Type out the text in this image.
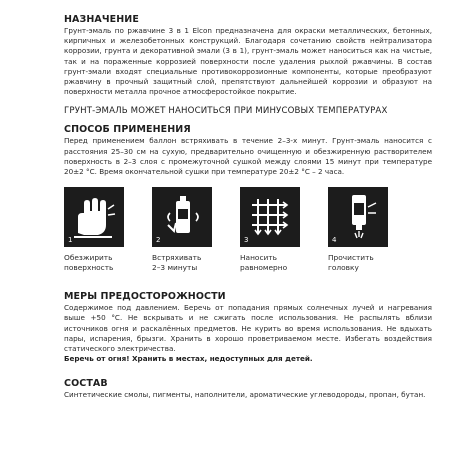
НАЗНАЧЕНИЕ
Грунт-эмаль по ржавчине 3 в 1 Elcon предназначена для окраски металлических, бетонных, кирпичных и железобетонных конструкций. Благодаря сочетанию свойств нейтрализатора коррозии, грунта и декоративной эмали (3 в 1), грунт-эмаль может наноситься как на чистые, так и на пораженные коррозией поверхности после удаления рыхлой ржавчины. В состав грунт-эмали входят специальные противокоррозионные компоненты, которые преобразуют ржавчину в прочный защитный слой, препятствуют дальнейшей коррозии и образуют на поверхности металла прочное атмосферостойкое покрытие.
ГРУНТ-ЭМАЛЬ МОЖЕТ НАНОСИТЬСЯ ПРИ МИНУСОВЫХ ТЕМПЕРАТУРАХ
СПОСОБ ПРИМЕНЕНИЯ
Перед применением баллон встряхивать в течение 2–3-х минут. Грунт-эмаль наносится с расстояния 25–30 см на сухую, предварительно очищенную и обезжиренную растворителем поверхность в 2–3 слоя с промежуточной сушкой между слоями 15 минут при температуре 20±2 °С. Время окончательной сушки при температуре 20±2 °С – 2 часа.
1
Обезжирить
поверхность
2
Встряхивать
2–3 минуты
3
Наносить
равномерно
4
Прочистить
головку
МЕРЫ ПРЕДОСТОРОЖНОСТИ
Содержимое под давлением. Беречь от попадания прямых солнечных лучей и нагревания выше +50 °С. Не вскрывать и не сжигать после использования. Не распылять вблизи источников огня и раскалённых предметов. Не курить во время использования. Не вдыхать пары, испарения, брызги. Хранить в хорошо проветриваемом месте. Избегать воздействия статического электричества.
Беречь от огня! Хранить в местах, недоступных для детей.
СОСТАВ
Синтетические смолы, пигменты, наполнители, ароматические углеводороды, пропан, бутан.
